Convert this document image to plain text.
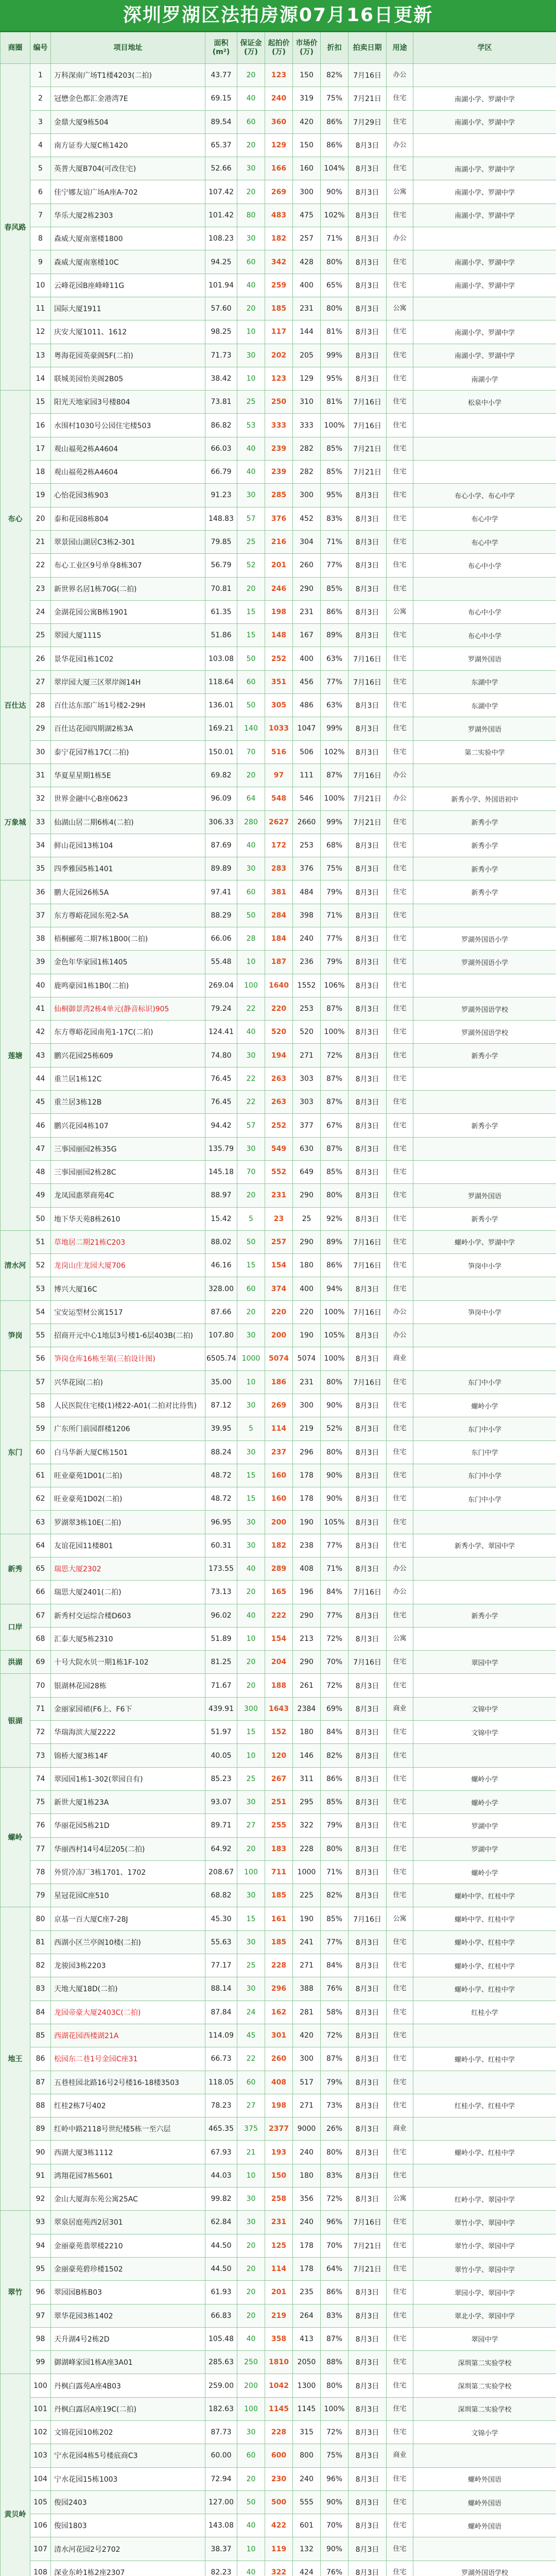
深圳罗湖区法拍房源07月16日更新
商圈	编号	项目地址	面积(m²)	保证金(万)	起拍价(万)	市场价(万)	折扣	拍卖日期	用途	学区
春风路	1	万科深南广场T1楼4203(二拍)	43.77	20	123	150	82%	7月16日	办公	
	2	冠懋金色都汇金港湾7E	69.15	40	240	319	75%	7月21日	住宅	南湖小学、罗湖中学
	3	金鼎大厦9栋504	89.54	60	360	420	86%	7月29日	住宅	南湖小学、罗湖中学
	4	南方证券大厦C栋1420	65.37	20	129	150	86%	8月3日	办公	
	5	英普大厦B704(可改住宅)	52.66	30	166	160	104%	8月3日	住宅	南湖小学、罗湖中学
	6	佳宁娜友谊广场A座A-702	107.42	20	269	300	90%	8月3日	公寓	南湖小学、罗湖中学
	7	华乐大厦2栋2303	101.42	80	483	475	102%	8月3日	住宅	南湖小学、罗湖中学
	8	森威大厦南塞楼1800	108.23	30	182	257	71%	8月3日	办公	
	9	森威大厦南塞楼10C	94.25	60	342	428	80%	8月3日	住宅	南湖小学、罗湖中学
	10	云峰花园B座峰峰11G	101.94	40	259	400	65%	8月3日	住宅	南湖小学、罗湖中学
	11	国际大厦1911	57.60	20	185	231	80%	8月3日	公寓	
	12	庆安大厦1011、1612	98.25	10	117	144	81%	8月3日	住宅	南湖小学、罗湖中学
	13	粤海花园英豪阁5F(二拍)	71.73	30	202	205	99%	8月3日	住宅	南湖小学、罗湖中学
	14	联城美园怡美阁2B05	38.42	10	123	129	95%	8月3日	住宅	南湖小学
布心	15	阳光天地家园3号楼804	73.81	25	250	310	81%	7月16日	住宅	松泉中小学
	16	水围村1030号公园住宅楼503	86.82	53	333	333	100%	7月16日	住宅	
	17	观山福苑2栋A4604	66.03	40	239	282	85%	7月21日	住宅	
	18	观山福苑2栋A4604	66.79	40	239	282	85%	7月21日	住宅	
	19	心怡花园3栋903	91.23	30	285	300	95%	8月3日	住宅	布心小学、布心中学
	20	泰和花园8栋804	148.83	57	376	452	83%	8月3日	住宅	布心中学
	21	翠景园山湖居C3栋2-301	79.85	25	216	304	71%	8月3日	住宅	布心中学
	22	布心工业区9号单身8栋307	56.79	52	201	260	77%	8月3日	住宅	布心中小学
	23	新世界名居1栋70G(二拍)	70.81	20	246	290	85%	8月3日	住宅	
	24	金湖花园公寓B栋1901	61.35	15	198	231	86%	8月3日	公寓	布心中小学
	25	翠园大厦1115	51.86	15	148	167	89%	8月3日	住宅	布心中小学
百仕达	26	景华花园1栋1C02	103.08	50	252	400	63%	7月16日	住宅	罗湖外国语
	27	翠岸园大厦三区翠岸阁14H	118.64	60	351	456	77%	7月16日	住宅	东湖中学
	28	百仕达东部广场1号楼2-29H	136.01	50	305	486	63%	8月3日	住宅	东湖中学
	29	百仕达花园四期湖2栋3A	169.21	140	1033	1047	99%	8月3日	住宅	罗湖外国语
	30	泰宁花园7栋17C(二拍)	150.01	70	516	506	102%	8月3日	住宅	第二实验中学
万象城	31	华夏星星期1栋5E	69.82	20	97	111	87%	7月16日	办公	
	32	世界金融中心B座0623	96.09	64	548	546	100%	7月21日	办公	新秀小学、外国语初中
	33	仙湖山居二期6栋4(二拍)	306.33	280	2627	2660	99%	7月21日	住宅	新秀小学
	34	鲜山花园13栋104	87.69	40	172	253	68%	8月3日	住宅	新秀小学
	35	四季雅园5栋1401	89.89	30	283	376	75%	8月3日	住宅	新秀小学
莲塘	36	鹏大花园26栋5A	97.41	60	381	484	79%	8月3日	住宅	新秀小学
	37	东方尊峪花园东苑2-5A	88.29	50	284	398	71%	8月3日	住宅	
	38	梧桐郦苑二期7栋1B00(二拍)	66.06	28	184	240	77%	8月3日	住宅	罗湖外国语小学
	39	金色年华家园1栋1405	55.48	10	187	236	79%	8月3日	住宅	罗湖外国语小学
	40	鹿鸣豪园1栋1B0(二拍)	269.04	100	1640	1552	106%	8月3日	住宅	
	41	仙桐御景湾2栋4单元(静音标识)905	79.24	22	220	253	87%	8月3日	住宅	罗湖外国语学校
	42	东方尊峪花园南苑1-17C(二拍)	124.41	40	520	520	100%	8月3日	住宅	罗湖外国语学校
	43	鹏兴花园25栋609	74.80	30	194	271	72%	8月3日	住宅	新秀小学
	44	重兰居1栋12C	76.45	22	263	303	87%	8月3日	住宅	
	45	重兰居3栋12B	76.45	22	263	303	87%	8月3日	住宅	
	46	鹏兴花园4栋107	94.42	57	252	377	67%	8月3日	住宅	新秀小学
	47	三事园丽园2栋35G	135.79	30	549	630	87%	8月3日	住宅	
	48	三事园丽园2栋28C	145.18	70	552	649	85%	8月3日	住宅	
	49	龙凤园惠翠商苑4C	88.97	20	231	290	80%	8月3日	住宅	罗湖外国语
	50	地下华天苑8栋2610	15.42	5	23	25	92%	8月3日	住宅	新秀小学
清水河	51	草地居二期21栋C203	88.02	50	257	290	89%	7月16日	住宅	螺岭小学、罗湖中学
	52	龙岗山庄龙园大厦706	46.16	15	154	180	86%	7月16日	住宅	笋岗中小学
	53	博兴大厦16C	328.00	60	374	400	94%	8月3日	住宅	
笋岗	54	宝安运型材公寓1517	87.66	20	220	220	100%	7月16日	办公	笋岗中小学
	55	招商开元中心1地层3号楼1-6层403B(二拍)	107.80	30	200	190	105%	8月3日	办公	
	56	笋岗仓库16栋至第(三拍设计图)	6505.74	1000	5074	5074	100%	8月3日	商业	
东门	57	兴华花园(二拍)	35.00	10	186	231	80%	7月16日	住宅	东门中小学
	58	人民医院住宅楼(1)楼22-A01(二拍对比待售)	87.12	30	269	300	90%	8月3日	住宅	螺岭小学
	59	广东所门前园群楼1206	39.95	5	114	219	52%	8月3日	住宅	东门中小学
	60	白马华新大厦C栋1501	88.24	30	237	296	80%	8月3日	住宅	东门中学
	61	旺业豪苑1D01(二拍)	48.72	15	160	178	90%	8月3日	住宅	东门中小学
	62	旺业豪苑1D02(二拍)	48.72	15	160	178	90%	8月3日	住宅	东门中小学
	63	罗湖翠3栋10E(二拍)	96.95	30	200	190	105%	8月3日	住宅	
新秀	64	友谊花园11楼801	60.31	30	182	238	77%	8月3日	住宅	新秀小学、翠园中学
	65	瑞思大厦2302	173.55	40	289	408	71%	8月3日	办公	
	66	瑞思大厦2401(二拍)	73.13	20	165	196	84%	7月16日	办公	
口岸	67	新秀村交运综合楼D603	96.02	40	222	290	77%	8月3日	住宅	新秀小学
	68	汇泰大厦5栋2310	51.89	10	154	213	72%	8月3日	公寓	
洪湖	69	十号大院水贝一期1栋1F-102	81.25	20	204	290	70%	7月16日	住宅	翠园中学
银湖	70	银湖林花园28栋	71.67	20	188	261	72%	8月3日	住宅	
	71	金丽家园裙(F6上、F6下	439.91	300	1643	2384	69%	8月3日	商业	文锦中学
	72	华瑞海滨大厦2222	51.97	15	152	180	84%	8月3日	住宅	文锦中学
	73	锦桥大厦3栋14F	40.05	10	120	146	82%	8月3日	住宅	
螺岭	74	翠园园1栋1-302(翠园自有)	85.23	25	267	311	86%	8月3日	住宅	螺岭小学
	75	新世大厦1栋23A	93.07	30	251	295	85%	8月3日	住宅	螺岭小学
	76	华丽花园5栋21D	89.71	27	255	322	79%	8月3日	住宅	罗湖中学
	77	华丽西村14号4层205(二拍)	64.92	20	183	228	80%	8月3日	住宅	罗湖中学
	78	外贸冷冻厂3栋1701、1702	208.67	100	711	1000	71%	8月3日	住宅	螺岭小学
	79	星冠花园C座510	68.82	30	185	225	82%	8月3日	住宅	螺岭中学、红桂中学
地王	80	京基一百大厦C座7-28J	45.30	15	161	190	85%	7月16日	公寓	螺岭中学、红桂中学
	81	西湖小区兰亭阁10楼(二拍)	55.63	30	185	241	77%	8月3日	住宅	螺岭小学、红桂中学
	82	龙骏园3栋2203	77.17	25	228	271	84%	8月3日	住宅	螺岭小学、红桂中学
	83	天地大厦18D(二拍)	88.14	30	296	388	76%	8月3日	住宅	螺岭小学、红桂中学
	84	龙园帝豪大厦2403C(二拍)	87.84	24	162	281	58%	8月3日	住宅	红桂小学
	85	西湖花园西楼湖21A	114.09	45	301	420	72%	8月3日	住宅	
	86	松园东二巷1号金园C座31	66.73	22	260	300	87%	8月3日	住宅	螺岭小学、红桂中学
	87	五巷桂园北路16号2号楼16-18楼3503	118.05	60	408	517	79%	8月3日	住宅	
	88	红桂2栋7号402	78.23	27	198	271	73%	8月3日	住宅	红桂小学、红桂中学
	89	红岭中路2118号世纪楼5栋一至六层	465.35	375	2377	9000	26%	8月3日	商业	
	90	西湖大厦3栋1112	67.93	21	193	240	80%	8月3日	住宅	螺岭小学、红桂中学
	91	鸿翔花园7栋5601	44.03	10	150	180	83%	8月3日	住宅	
	92	金山大厦海东苑公寓25AC	99.82	30	258	356	72%	8月3日	公寓	红岭小学、翠园中学
翠竹	93	翠泉居庭苑西2居301	62.84	30	231	240	96%	7月16日	住宅	翠竹小学、翠园中学
	94	金丽豪苑翡翠楼2210	44.50	20	125	178	70%	7月21日	住宅	翠竹小学、翠园中学
	95	金丽豪苑碧珍楼1502	44.50	20	114	178	64%	7月21日	住宅	翠竹小学、翠园中学
	96	翠园园B栋B03	61.93	20	201	235	86%	8月3日	住宅	翠园小学、翠园中学
	97	翠华花园3栋1402	66.83	20	219	264	83%	8月3日	住宅	翠北小学、翠园中学
	98	天升湖4号2栋2D	105.48	40	358	413	87%	8月3日	住宅	翠园中学
	99	御湖峰家园1栋A座3A01	285.63	250	1810	2050	88%	8月3日	住宅	深圳第二实验学校
黄贝岭	100	丹枫白露苑A座4B03	259.00	200	1042	1300	80%	8月3日	住宅	深圳第二实验学校
	101	丹枫白露居A座19C(二拍)	182.63	100	1145	1145	100%	8月3日	住宅	深圳第二实验学校
	102	文锦花园10栋202	87.73	30	228	315	72%	8月3日	住宅	文锦小学
	103	宁水花园4栋5号楼底商C3	60.00	60	600	800	75%	8月3日	商业	
	104	宁水花园15栋1003	72.94	20	230	240	96%	8月3日	住宅	螺岭外国语
	105	俊园2403	127.00	50	500	555	90%	8月3日	住宅	螺岭外国语
	106	俊园1803	143.08	40	422	601	70%	8月3日	住宅	螺岭外国语
	107	清水河花园2号2702	38.37	10	119	132	90%	8月3日	住宅	
	108	深业东岭1栋2座2307	82.23	40	322	424	76%	8月3日	住宅	罗湖外国语学校
